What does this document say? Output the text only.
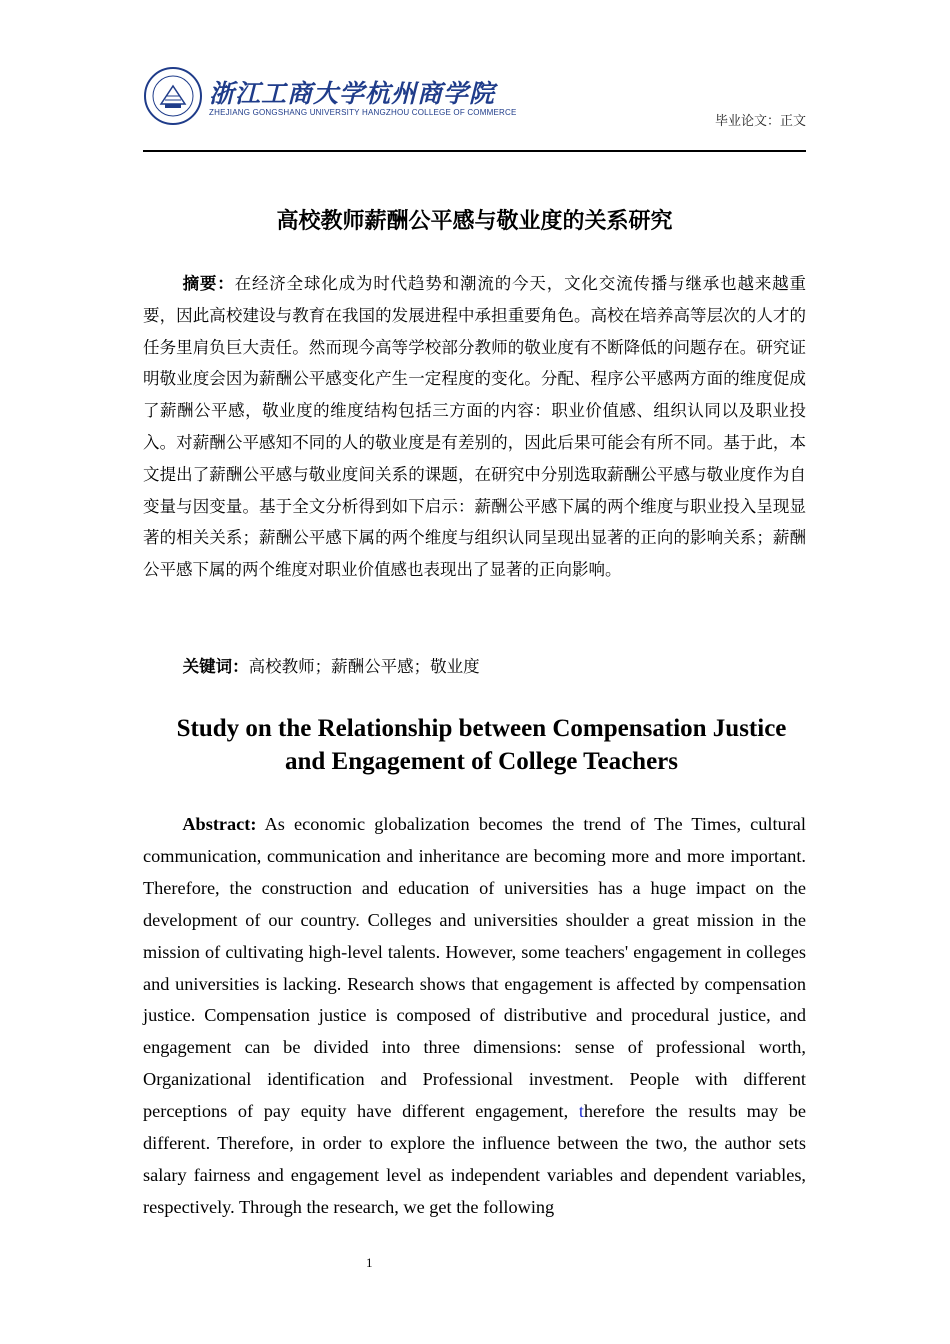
浙江工商大学杭州商学院
ZHEJIANG GONGSHANG UNIVERSITY HANGZHOU COLLEGE OF COMMERCE
毕业论文：正文
高校教师薪酬公平感与敬业度的关系研究

摘要：在经济全球化成为时代趋势和潮流的今天，文化交流传播与继承也越来越重要，因此高校建设与教育在我国的发展进程中承担重要角色。高校在培养高等层次的人才的任务里肩负巨大责任。然而现今高等学校部分教师的敬业度有不断降低的问题存在。研究证明敬业度会因为薪酬公平感变化产生一定程度的变化。分配、程序公平感两方面的维度促成了薪酬公平感，敬业度的维度结构包括三方面的内容：职业价值感、组织认同以及职业投入。对薪酬公平感知不同的人的敬业度是有差别的，因此后果可能会有所不同。基于此，本文提出了薪酬公平感与敬业度间关系的课题，在研究中分别选取薪酬公平感与敬业度作为自变量与因变量。基于全文分析得到如下启示：薪酬公平感下属的两个维度与职业投入呈现显著的相关关系；薪酬公平感下属的两个维度与组织认同呈现出显著的正向的影响关系；薪酬公平感下属的两个维度对职业价值感也表现出了显著的正向影响。

关键词：高校教师；薪酬公平感；敬业度

Study on the Relationship between Compensation Justice
and Engagement of College Teachers

Abstract: As economic globalization becomes the trend of The Times, cultural communication, communication and inheritance are becoming more and more important. Therefore, the construction and education of universities has a huge impact on the development of our country. Colleges and universities shoulder a great mission in the mission of cultivating high-level talents. However, some teachers' engagement in colleges and universities is lacking. Research shows that engagement is affected by compensation justice. Compensation justice is composed of distributive and procedural justice, and engagement can be divided into three dimensions: sense of professional worth, Organizational identification and Professional investment. People with different perceptions of pay equity have different engagement, therefore the results may be different. Therefore, in order to explore the influence between the two, the author sets salary fairness and engagement level as independent variables and dependent variables, respectively. Through the research, we get the following

1
